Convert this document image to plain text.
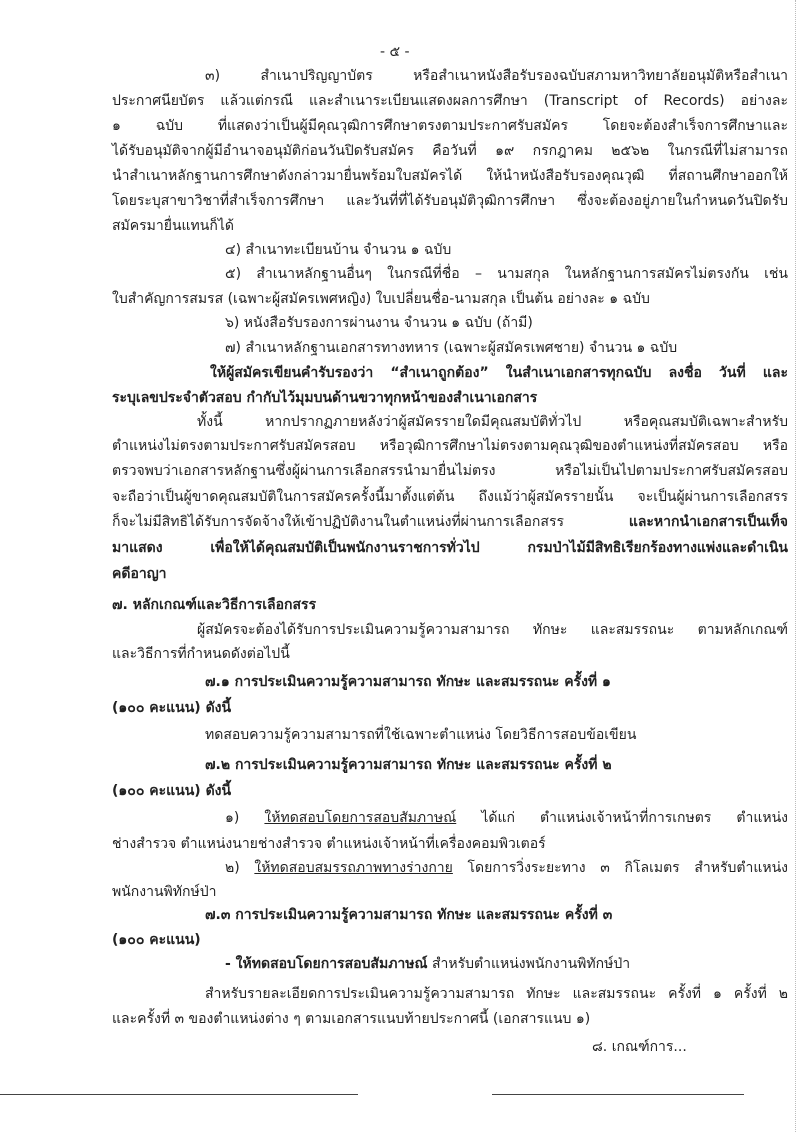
- ๕ -
๓) สำเนาปริญญาบัตร หรือสำเนาหนังสือรับรองฉบับสภามหาวิทยาลัยอนุมัติหรือสำเนา
ประกาศนียบัตร แล้วแต่กรณี และสำเนาระเบียนแสดงผลการศึกษา (Transcript of Records) อย่างละ
๑ ฉบับ ที่แสดงว่าเป็นผู้มีคุณวุฒิการศึกษาตรงตามประกาศรับสมัคร โดยจะต้องสำเร็จการศึกษาและ
ได้รับอนุมัติจากผู้มีอำนาจอนุมัติก่อนวันปิดรับสมัคร คือวันที่ ๑๙ กรกฎาคม ๒๕๖๒ ในกรณีที่ไม่สามารถ
นำสำเนาหลักฐานการศึกษาดังกล่าวมายื่นพร้อมใบสมัครได้ ให้นำหนังสือรับรองคุณวุฒิ ที่สถานศึกษาออกให้
โดยระบุสาขาวิชาที่สำเร็จการศึกษา และวันที่ที่ได้รับอนุมัติวุฒิการศึกษา ซึ่งจะต้องอยู่ภายในกำหนดวันปิดรับ
สมัครมายื่นแทนก็ได้
๔) สำเนาทะเบียนบ้าน จำนวน ๑ ฉบับ
๕) สำเนาหลักฐานอื่นๆ ในกรณีที่ชื่อ – นามสกุล ในหลักฐานการสมัครไม่ตรงกัน เช่น
ใบสำคัญการสมรส (เฉพาะผู้สมัครเพศหญิง) ใบเปลี่ยนชื่อ-นามสกุล เป็นต้น อย่างละ ๑ ฉบับ
๖) หนังสือรับรองการผ่านงาน จำนวน ๑ ฉบับ (ถ้ามี)
๗) สำเนาหลักฐานเอกสารทางทหาร (เฉพาะผู้สมัครเพศชาย) จำนวน ๑ ฉบับ
ให้ผู้สมัครเขียนคำรับรองว่า “สำเนาถูกต้อง” ในสำเนาเอกสารทุกฉบับ ลงชื่อ วันที่ และ
ระบุเลขประจำตัวสอบ กำกับไว้มุมบนด้านขวาทุกหน้าของสำเนาเอกสาร
ทั้งนี้ หากปรากฏภายหลังว่าผู้สมัครรายใดมีคุณสมบัติทั่วไป หรือคุณสมบัติเฉพาะสำหรับ
ตำแหน่งไม่ตรงตามประกาศรับสมัครสอบ หรือวุฒิการศึกษาไม่ตรงตามคุณวุฒิของตำแหน่งที่สมัครสอบ หรือ
ตรวจพบว่าเอกสารหลักฐานซึ่งผู้ผ่านการเลือกสรรนำมายื่นไม่ตรง หรือไม่เป็นไปตามประกาศรับสมัครสอบ
จะถือว่าเป็นผู้ขาดคุณสมบัติในการสมัครครั้งนี้มาตั้งแต่ต้น ถึงแม้ว่าผู้สมัครรายนั้น จะเป็นผู้ผ่านการเลือกสรร
ก็จะไม่มีสิทธิได้รับการจัดจ้างให้เข้าปฏิบัติงานในตำแหน่งที่ผ่านการเลือกสรร	และหากนำเอกสารเป็นเท็จ
มาแสดง เพื่อให้ได้คุณสมบัติเป็นพนักงานราชการทั่วไป กรมป่าไม้มีสิทธิเรียกร้องทางแพ่งและดำเนิน
คดีอาญา
๗. หลักเกณฑ์และวิธีการเลือกสรร
ผู้สมัครจะต้องได้รับการประเมินความรู้ความสามารถ ทักษะ และสมรรถนะ ตามหลักเกณฑ์
และวิธีการที่กำหนดดังต่อไปนี้
๗.๑ การประเมินความรู้ความสามารถ ทักษะ และสมรรถนะ ครั้งที่ ๑
(๑๐๐ คะแนน) ดังนี้
ทดสอบความรู้ความสามารถที่ใช้เฉพาะตำแหน่ง โดยวิธีการสอบข้อเขียน
๗.๒ การประเมินความรู้ความสามารถ ทักษะ และสมรรถนะ ครั้งที่ ๒
(๑๐๐ คะแนน) ดังนี้
๑) ให้ทดสอบโดยการสอบสัมภาษณ์ ได้แก่ ตำแหน่งเจ้าหน้าที่การเกษตร ตำแหน่ง
ช่างสำรวจ ตำแหน่งนายช่างสำรวจ ตำแหน่งเจ้าหน้าที่เครื่องคอมพิวเตอร์
๒) ให้ทดสอบสมรรถภาพทางร่างกาย โดยการวิ่งระยะทาง ๓ กิโลเมตร สำหรับตำแหน่ง
พนักงานพิทักษ์ป่า
๗.๓ การประเมินความรู้ความสามารถ ทักษะ และสมรรถนะ ครั้งที่ ๓
(๑๐๐ คะแนน)
- ให้ทดสอบโดยการสอบสัมภาษณ์ สำหรับตำแหน่งพนักงานพิทักษ์ป่า
สำหรับรายละเอียดการประเมินความรู้ความสามารถ ทักษะ และสมรรถนะ ครั้งที่ ๑ ครั้งที่ ๒
และครั้งที่ ๓ ของตำแหน่งต่าง ๆ ตามเอกสารแนบท้ายประกาศนี้ (เอกสารแนบ ๑)
๘. เกณฑ์การ...
